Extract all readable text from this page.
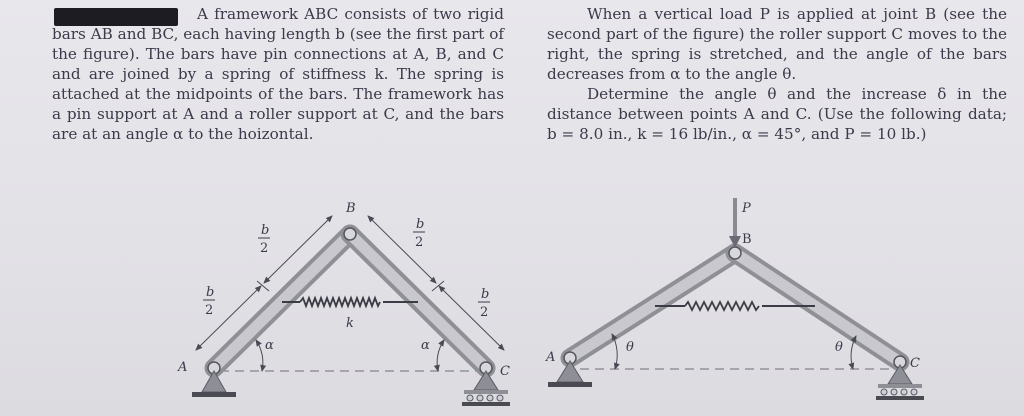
A framework ABC consists of two rigid bars AB and BC, each having length b (see the first part of the figure). The bars have pin connections at A, B, and C and are joined by a spring of stiffness k. The spring is attached at the midpoints of the bars. The framework has a pin support at A and a roller support at C, and the bars are at an angle α to the hoizontal.

When a vertical load P is applied at joint B (see the second part of the figure) the roller support C moves to the right, the spring is stretched, and the angle of the bars decreases from α to the angle θ.

Determine the angle θ and the increase δ in the distance between points A and C. (Use the following data; b = 8.0 in., k = 16 lb/in., α = 45°, and P = 10 lb.)

k
b
2
b
2
b
2
b
2
α	α
B
A	C
P
B
θ	θ
A	C
